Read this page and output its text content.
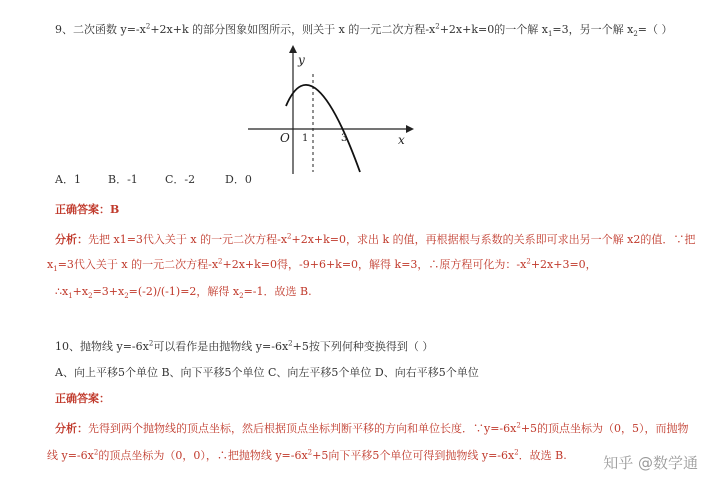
9、二次函数 $y=-x^2+2x+k$ 的部分图象如图所示，则关于 x 的一元二次方程$-x^2+2x+k=0$的一个解 $x_1=3$，另一个解 $x_2=$（ ）
y
x
O 1	3
A．1 B．-1 C．-2	D．0
正确答案：B
分析：先把 x1=3代入关于 x 的一元二次方程$-x^2+2x+k=0$，求出 k 的值，再根据根与系数的关系即可求出另一个解 x2的值．∵把
$x_1=3$代入关于 x 的一元二次方程$-x^2+2x+k=0$得，-9+6+k=0，解得 k=3，∴原方程可化为：$-x^2+2x+3=0$，
$\therefore x_1+x_2=3+x_2=(-2)/(-1)=2$，解得 $x_2=-1$．故选 B.
10、抛物线 $y=-6x^2$可以看作是由抛物线 $y=-6x^2+5$按下列何种变换得到（ ）
A、向上平移5个单位 B、向下平移5个单位 C、向左平移5个单位 D、向右平移5个单位
正确答案：
分析：先得到两个抛物线的顶点坐标，然后根据顶点坐标判断平移的方向和单位长度．$\because y=-6x^2+5$的顶点坐标为（0，5），而抛物
线 $y=-6x^2$的顶点坐标为（0，0），∴把抛物线 $y=-6x^2+5$向下平移5个单位可得到抛物线 $y=-6x^2$．故选 B. 知乎 @数学通
